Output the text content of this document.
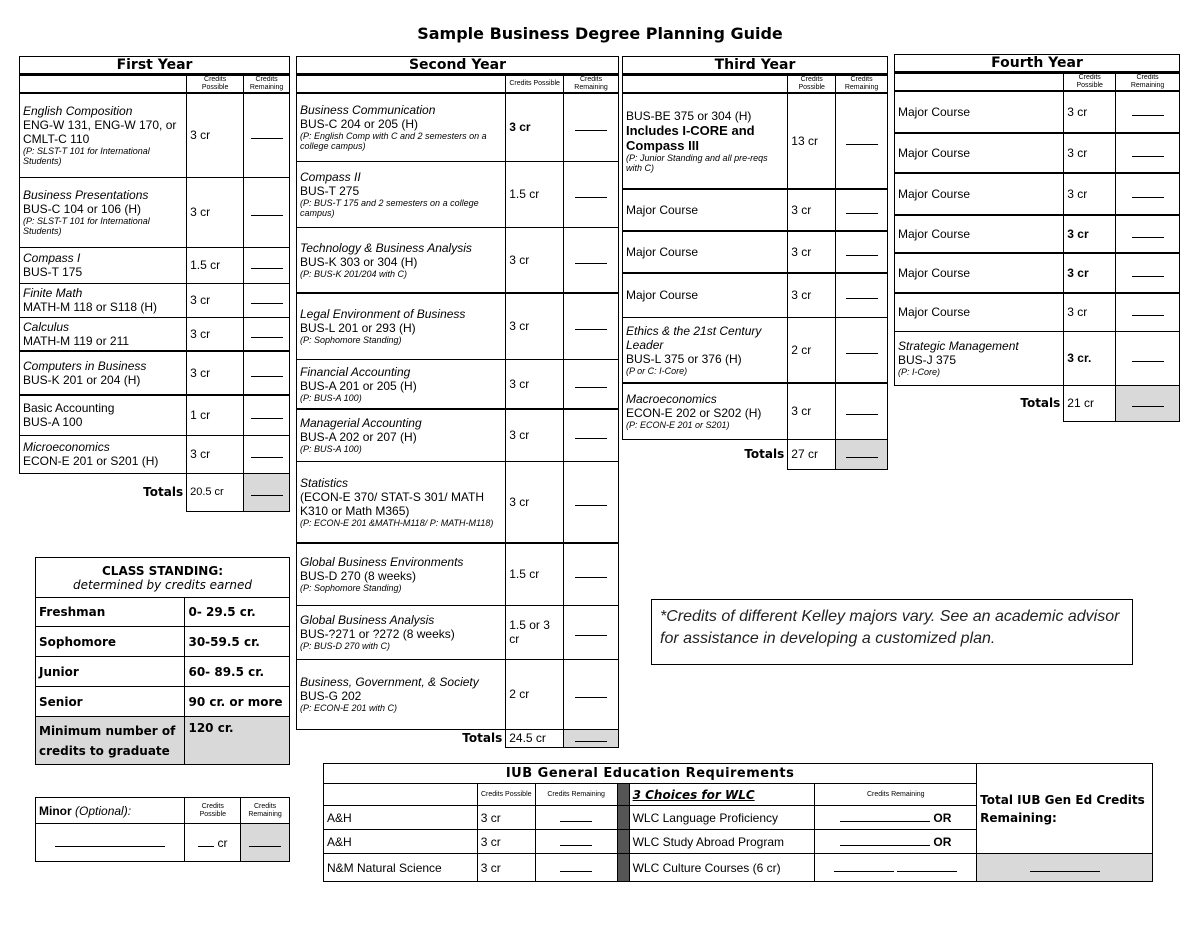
Sample Business Degree Planning Guide
First Year		
	Credits Possible	Credits Remaining

English Composition
ENG-W 131, ENG-W 170, or CMLT-C 110
(P: SLST-T 101 for International Students)	3 cr	

Business Presentations
BUS-C 104 or 106 (H)
(P: SLST-T 101 for International Students)	3 cr	

Compass I
BUS-T 175	1.5 cr	

Finite Math
MATH-M 118 or S118 (H)	3 cr	

Calculus
MATH-M 119 or 211	3 cr	

Computers in Business
BUS-K 201 or 204 (H)	3 cr	

Basic Accounting
BUS-A 100	1 cr	

Microeconomics
ECON-E 201 or S201 (H)	3 cr	
Totals	20.5 cr	
CLASS STANDING:
determined by credits earned	
Freshman	0- 29.5 cr.
Sophomore	30-59.5 cr.
Junior	60- 89.5 cr.
Senior	90 cr. or more
Minimum number of credits to graduate	120 cr.
Minor (Optional):	Credits Possible	Credits Remaining
	cr	
Second Year		
	Credits Possible	Credits Remaining

Business Communication
BUS-C 204 or 205 (H)
(P: English Comp with C and 2 semesters on a college campus)	3 cr	

Compass II
BUS-T 275
(P: BUS-T 175 and 2 semesters on a college campus)	1.5 cr	

Technology & Business Analysis
BUS-K 303 or 304 (H)
(P: BUS-K 201/204 with C)	3 cr	

Legal Environment of Business
BUS-L 201 or 293 (H)
(P: Sophomore Standing)	3 cr	

Financial Accounting
BUS-A 201 or 205 (H)
(P: BUS-A 100)	3 cr	

Managerial Accounting
BUS-A 202 or 207 (H)
(P: BUS-A 100)	3 cr	

Statistics
(ECON-E 370/ STAT-S 301/ MATH K310 or Math M365)
(P: ECON-E 201 &MATH-M118/ P: MATH-M118)	3 cr	

Global Business Environments
BUS-D 270 (8 weeks)
(P: Sophomore Standing)	1.5 cr	

Global Business Analysis
BUS-?271 or ?272 (8 weeks)
(P: BUS-D 270 with C)	1.5 or 3 cr	

Business, Government, & Society
BUS-G 202
(P: ECON-E 201 with C)	2 cr	
Totals	24.5 cr	
Third Year		
	Credits Possible	Credits Remaining

BUS-BE 375 or 304 (H)
Includes I-CORE and Compass III
(P: Junior Standing and all pre-reqs with C)	13 cr	
Major Course	3 cr	
Major Course	3 cr	
Major Course	3 cr	

Ethics & the 21st Century Leader
BUS-L 375 or 376 (H)
(P or C: I-Core)	2 cr	

Macroeconomics
ECON-E 202 or S202 (H)
(P: ECON-E 201 or S201)	3 cr	
Totals	27 cr	
Fourth Year		
	Credits Possible	Credits Remaining
Major Course	3 cr	
Major Course	3 cr	
Major Course	3 cr	
Major Course	3 cr	
Major Course	3 cr	
Major Course	3 cr	

Strategic Management
BUS-J 375
(P: I-Core)	3 cr.	
Totals	21 cr	
*Credits of different Kelley majors vary. See an academic advisor for assistance in developing a customized plan.
IUB General Education Requirements						Total IUB Gen Ed Credits Remaining:
	Credits Possible	Credits Remaining		3 Choices for WLC	Credits Remaining	
A&H	3 cr			WLC Language Proficiency	OR	
A&H	3 cr			WLC Study Abroad Program	OR	
N&M Natural Science	3 cr			WLC Culture Courses (6 cr)		
